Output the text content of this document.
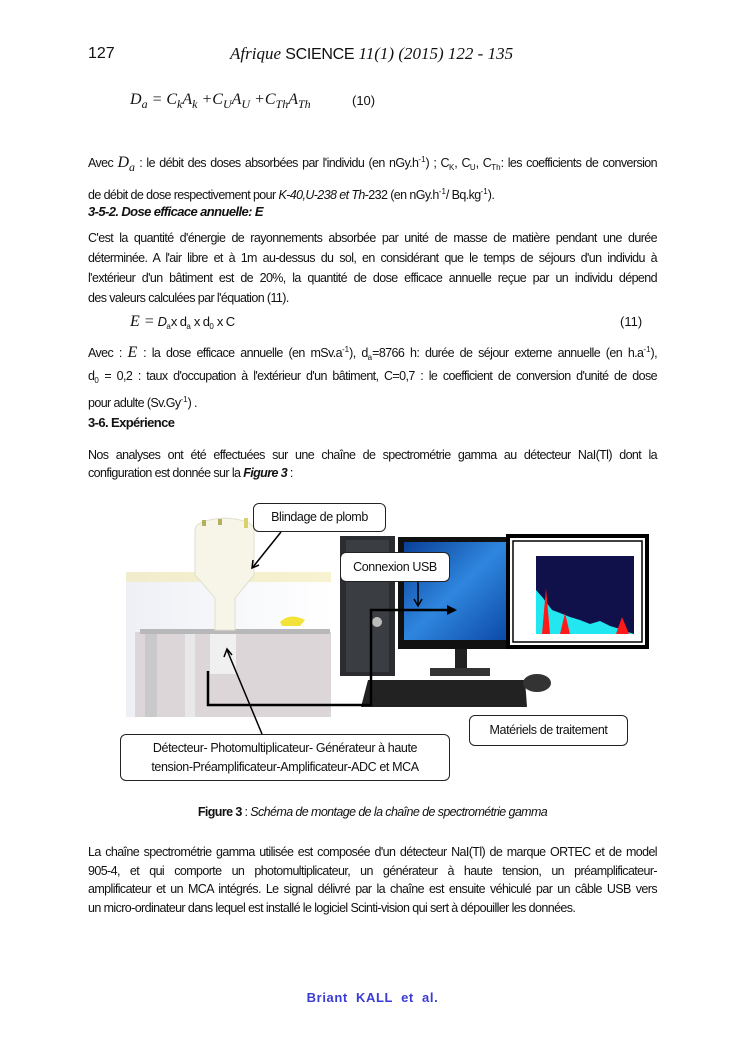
127	Afrique SCIENCE 11(1) (2015) 122 - 135
$D_a = C_kA_k +C_UA_U +C_{Th}A_{Th}$	(10)
Avec Da : le débit des doses absorbées par l'individu (en $nGy.h^{-1}$) ; $C_K$, $C_U$, $C_{Th}$: les coefficients de conversion
de débit de dose respectivement pour K-40,U-238 et Th-232 (en $nGy.h^{-1}/$ $Bq.kg^{-1}$).
3-5-2. Dose efficace annuelle: E
C'est la quantité d'énergie de rayonnements absorbée par unité de masse de matière pendant une durée
déterminée. A l'air libre et à 1m au-dessus du sol, en considérant que le temps de séjours d'un individu à
l'extérieur d'un bâtiment est de 20%, la quantité de dose efficace annuelle reçue par un individu dépend
des valeurs calculées par l'équation (11).
$E = D_ax$ $d_a$ x $d_0$ x C	(11)
Avec : E : la dose efficace annuelle (en $mSv.a^{-1}$), $d_a=8766$ h: durée de séjour externe annuelle (en $h.a^{-1}$),
$d_0 = 0,2$ : taux d'occupation à l'extérieur d'un bâtiment, C=0,7 : le coefficient de conversion d'unité de dose
pour adulte $(Sv.Gy^{-1})$ .
3-6. Expérience
Nos analyses ont été effectuées sur une chaîne de spectrométrie gamma au détecteur NaI(Tl) dont la
configuration est donnée sur la Figure 3 :
Blindage de plomb
Connexion USB
Matériels de traitement
Détecteur- Photomultiplicateur- Générateur à haute
tension-Préamplificateur-Amplificateur-ADC et MCA
Figure 3 : Schéma de montage de la chaîne de spectrométrie gamma
La chaîne spectrométrie gamma utilisée est composée d'un détecteur NaI(Tl) de marque ORTEC et de model
905-4, et qui comporte un photomultiplicateur, un générateur à haute tension, un préamplificateur-
amplificateur et un MCA intégrés. Le signal délivré par la chaîne est ensuite véhiculé par un câble USB vers
un micro-ordinateur dans lequel est installé le logiciel Scinti-vision qui sert à dépouiller les données.
Briant KALL et al.
